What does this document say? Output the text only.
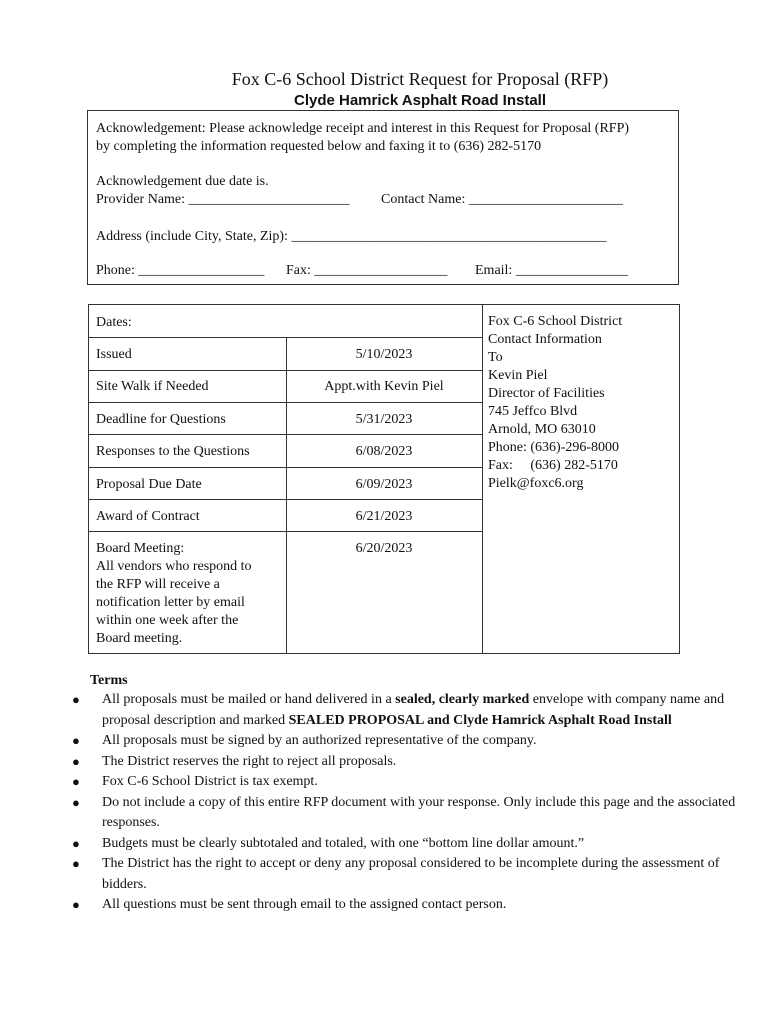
Fox C-6 School District Request for Proposal (RFP)
Clyde Hamrick Asphalt Road Install
Acknowledgement: Please acknowledge receipt and interest in this Request for Proposal (RFP)
by completing the information requested below and faxing it to (636) 282-5170
Acknowledgement due date is.
Provider Name: _______________________ Contact Name: ______________________
Address (include City, State, Zip): _____________________________________________
Phone: __________________ Fax: ___________________ Email: ________________
Dates:
Issued	5/10/2023
Site Walk if Needed	Appt.with Kevin Piel
Deadline for Questions	5/31/2023
Responses to the Questions	6/08/2023
Proposal Due Date	6/09/2023
Award of Contract	6/21/2023
Board Meeting:
All vendors who respond to
the RFP will receive a
notification letter by email
within one week after the
Board meeting.
6/20/2023
Fox C-6 School District
Contact Information
To
Kevin Piel
Director of Facilities
745 Jeffco Blvd
Arnold, MO 63010
Phone: (636)-296-8000
Fax:     (636) 282-5170
Pielk@foxc6.org
Terms
● All proposals must be mailed or hand delivered in a sealed, clearly marked envelope with company name and proposal description and marked SEALED PROPOSAL and Clyde Hamrick Asphalt Road Install
● All proposals must be signed by an authorized representative of the company.
● The District reserves the right to reject all proposals.
● Fox C-6 School District is tax exempt.
● Do not include a copy of this entire RFP document with your response. Only include this page and the associated responses.
● Budgets must be clearly subtotaled and totaled, with one “bottom line dollar amount.”
● The District has the right to accept or deny any proposal considered to be incomplete during the assessment of bidders.
● All questions must be sent through email to the assigned contact person.
